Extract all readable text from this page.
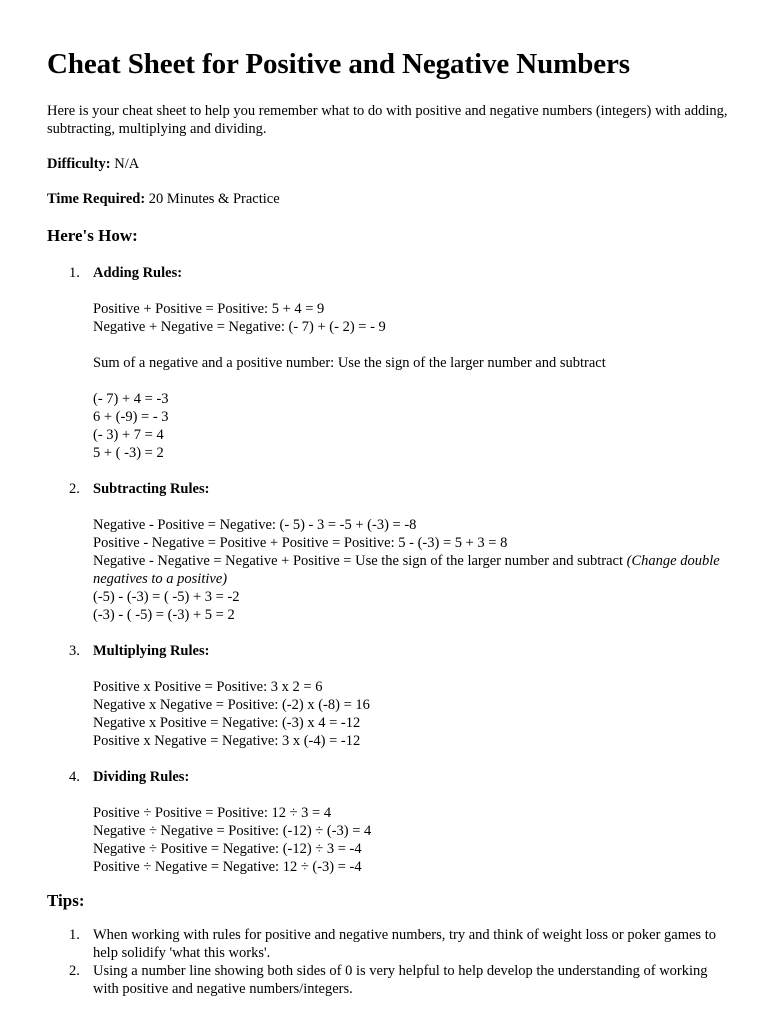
Cheat Sheet for Positive and Negative Numbers

Here is your cheat sheet to help you remember what to do with positive and negative numbers (integers) with adding, subtracting, multiplying and dividing.

Difficulty: N/A

Time Required: 20 Minutes & Practice

Here's How:
1. Adding Rules:
Positive + Positive = Positive: 5 + 4 = 9
Negative + Negative = Negative: (- 7) + (- 2) = - 9
Sum of a negative and a positive number: Use the sign of the larger number and subtract
(- 7) + 4 = -3
6 + (-9) = - 3
(- 3) + 7 = 4
5 + ( -3) = 2
2. Subtracting Rules:
Negative - Positive = Negative: (- 5) - 3 = -5 + (-3) = -8
Positive - Negative = Positive + Positive = Positive: 5 - (-3) = 5 + 3 = 8
Negative - Negative = Negative + Positive = Use the sign of the larger number and subtract (Change double negatives to a positive)
(-5) - (-3) = ( -5) + 3 = -2
(-3) - ( -5) = (-3) + 5 = 2
3. Multiplying Rules:
Positive x Positive = Positive: 3 x 2 = 6
Negative x Negative = Positive: (-2) x (-8) = 16
Negative x Positive = Negative: (-3) x 4 = -12
Positive x Negative = Negative: 3 x (-4) = -12
4. Dividing Rules:
Positive ÷ Positive = Positive: 12 ÷ 3 = 4
Negative ÷ Negative = Positive: (-12) ÷ (-3) = 4
Negative ÷ Positive = Negative: (-12) ÷ 3 = -4
Positive ÷ Negative = Negative: 12 ÷ (-3) = -4
Tips:
1. When working with rules for positive and negative numbers, try and think of weight loss or poker games to help solidify 'what this works'.
2. Using a number line showing both sides of 0 is very helpful to help develop the understanding of working with positive and negative numbers/integers.
